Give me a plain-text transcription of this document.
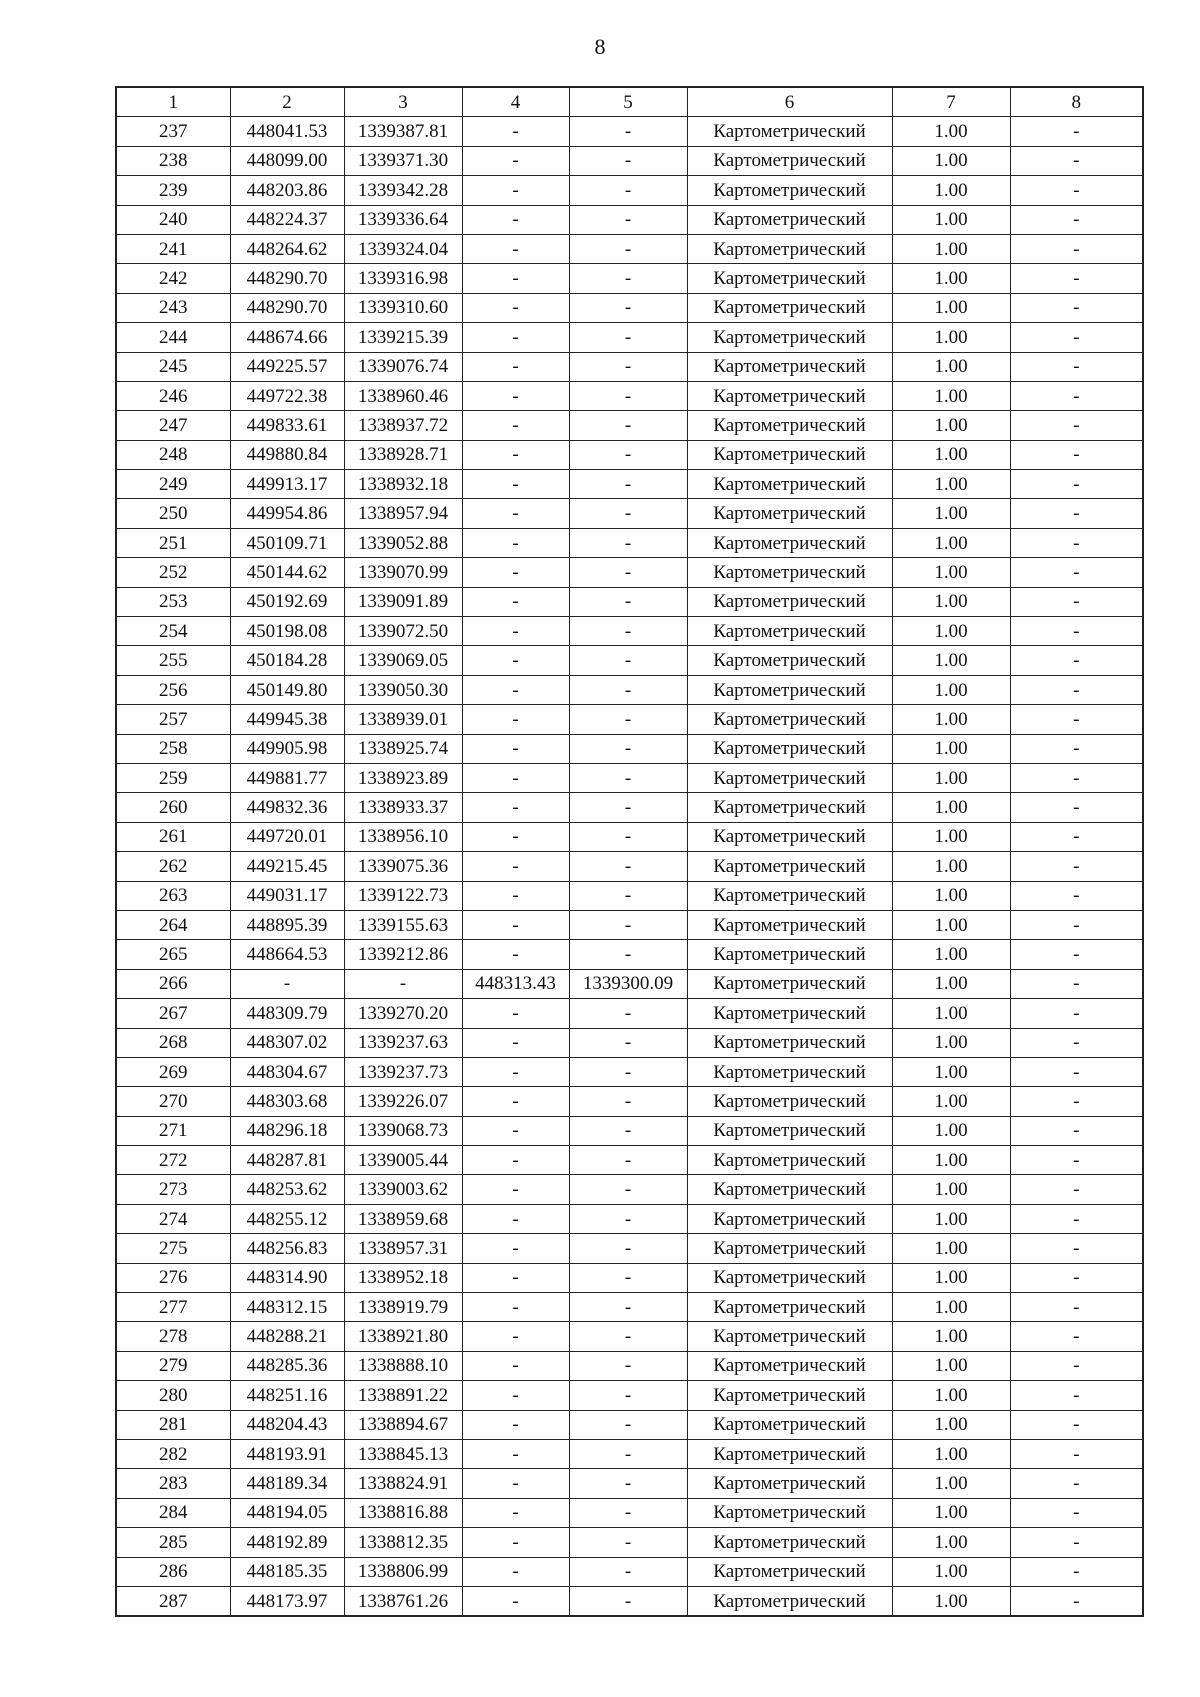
8
1	2	3	4	5	6	7	8
237	448041.53	1339387.81	-	-	Картометрический	1.00	-
238	448099.00	1339371.30	-	-	Картометрический	1.00	-
239	448203.86	1339342.28	-	-	Картометрический	1.00	-
240	448224.37	1339336.64	-	-	Картометрический	1.00	-
241	448264.62	1339324.04	-	-	Картометрический	1.00	-
242	448290.70	1339316.98	-	-	Картометрический	1.00	-
243	448290.70	1339310.60	-	-	Картометрический	1.00	-
244	448674.66	1339215.39	-	-	Картометрический	1.00	-
245	449225.57	1339076.74	-	-	Картометрический	1.00	-
246	449722.38	1338960.46	-	-	Картометрический	1.00	-
247	449833.61	1338937.72	-	-	Картометрический	1.00	-
248	449880.84	1338928.71	-	-	Картометрический	1.00	-
249	449913.17	1338932.18	-	-	Картометрический	1.00	-
250	449954.86	1338957.94	-	-	Картометрический	1.00	-
251	450109.71	1339052.88	-	-	Картометрический	1.00	-
252	450144.62	1339070.99	-	-	Картометрический	1.00	-
253	450192.69	1339091.89	-	-	Картометрический	1.00	-
254	450198.08	1339072.50	-	-	Картометрический	1.00	-
255	450184.28	1339069.05	-	-	Картометрический	1.00	-
256	450149.80	1339050.30	-	-	Картометрический	1.00	-
257	449945.38	1338939.01	-	-	Картометрический	1.00	-
258	449905.98	1338925.74	-	-	Картометрический	1.00	-
259	449881.77	1338923.89	-	-	Картометрический	1.00	-
260	449832.36	1338933.37	-	-	Картометрический	1.00	-
261	449720.01	1338956.10	-	-	Картометрический	1.00	-
262	449215.45	1339075.36	-	-	Картометрический	1.00	-
263	449031.17	1339122.73	-	-	Картометрический	1.00	-
264	448895.39	1339155.63	-	-	Картометрический	1.00	-
265	448664.53	1339212.86	-	-	Картометрический	1.00	-
266	-	-	448313.43	1339300.09	Картометрический	1.00	-
267	448309.79	1339270.20	-	-	Картометрический	1.00	-
268	448307.02	1339237.63	-	-	Картометрический	1.00	-
269	448304.67	1339237.73	-	-	Картометрический	1.00	-
270	448303.68	1339226.07	-	-	Картометрический	1.00	-
271	448296.18	1339068.73	-	-	Картометрический	1.00	-
272	448287.81	1339005.44	-	-	Картометрический	1.00	-
273	448253.62	1339003.62	-	-	Картометрический	1.00	-
274	448255.12	1338959.68	-	-	Картометрический	1.00	-
275	448256.83	1338957.31	-	-	Картометрический	1.00	-
276	448314.90	1338952.18	-	-	Картометрический	1.00	-
277	448312.15	1338919.79	-	-	Картометрический	1.00	-
278	448288.21	1338921.80	-	-	Картометрический	1.00	-
279	448285.36	1338888.10	-	-	Картометрический	1.00	-
280	448251.16	1338891.22	-	-	Картометрический	1.00	-
281	448204.43	1338894.67	-	-	Картометрический	1.00	-
282	448193.91	1338845.13	-	-	Картометрический	1.00	-
283	448189.34	1338824.91	-	-	Картометрический	1.00	-
284	448194.05	1338816.88	-	-	Картометрический	1.00	-
285	448192.89	1338812.35	-	-	Картометрический	1.00	-
286	448185.35	1338806.99	-	-	Картометрический	1.00	-
287	448173.97	1338761.26	-	-	Картометрический	1.00	-
